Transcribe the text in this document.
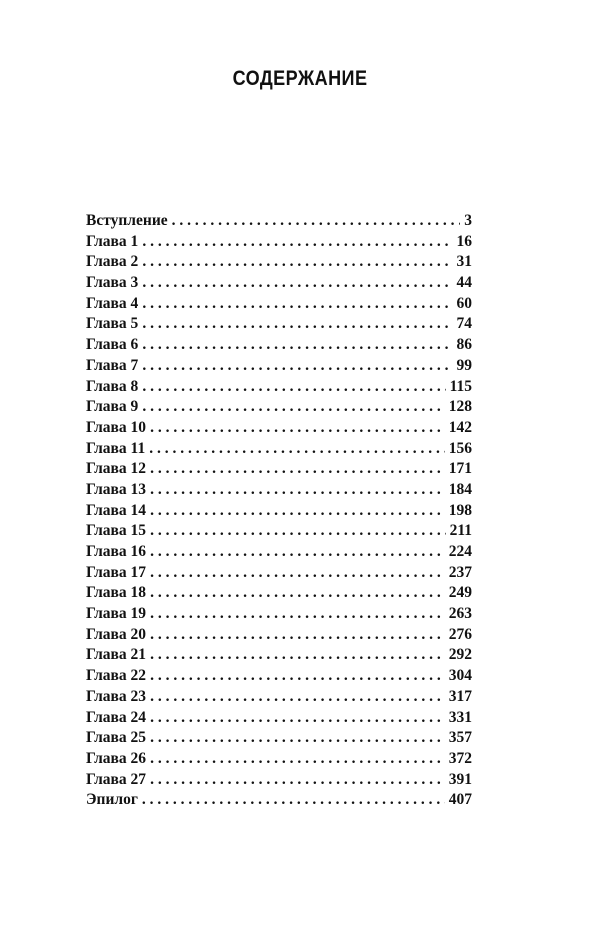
СОДЕРЖАНИЕ
Вступление . . .	3
Глава 1 . . .	16
Глава 2 . . .	31
Глава 3 . . .	44
Глава 4 . . .	60
Глава 5 . . .	74
Глава 6 . . .	86
Глава 7 . . .	99
Глава 8 . . .	115
Глава 9 . . .	128
Глава 10 . . .	142
Глава 11 . . .	156
Глава 12 . . .	171
Глава 13 . . .	184
Глава 14 . . .	198
Глава 15 . . .	211
Глава 16 . . .	224
Глава 17 . . .	237
Глава 18 . . .	249
Глава 19 . . .	263
Глава 20 . . .	276
Глава 21 . . .	292
Глава 22 . . .	304
Глава 23 . . .	317
Глава 24 . . .	331
Глава 25 . . .	357
Глава 26 . . .	372
Глава 27 . . .	391
Эпилог . . .	407
